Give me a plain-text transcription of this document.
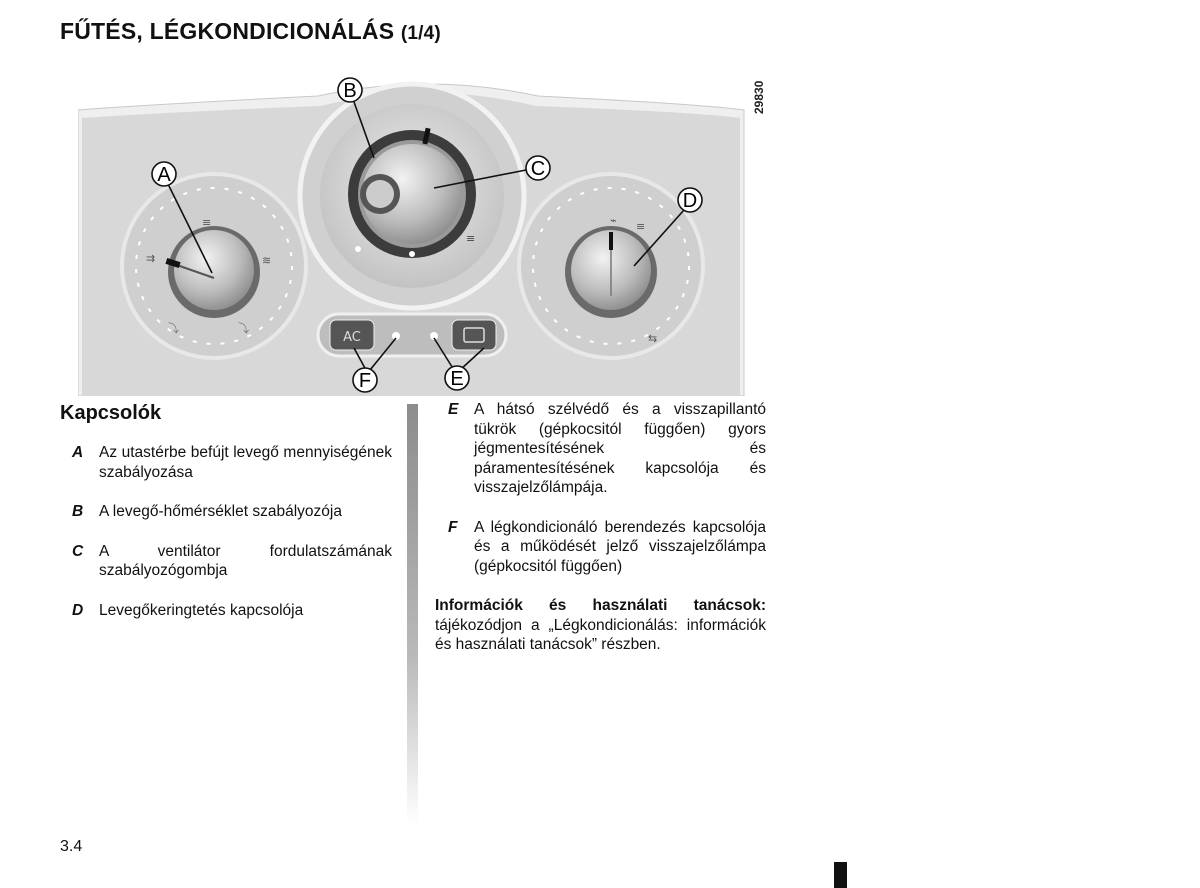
FŰTÉS, LÉGKONDICIONÁLÁS (1/4)
≡
≋
⇉
⤵	⤵
≡
⌁ ≡
⇆
AC
A
B
C
D
E
F
29830
Kapcsolók
A Az utastérbe befújt levegő mennyiségének szabályozása
B A levegő-hőmérséklet szabályozója
C A ventilátor fordulatszámának szabályozógombja
D Levegőkeringtetés kapcsolója
E A hátsó szélvédő és a visszapillantó tükrök (gépkocsitól függően) gyors jégmentesítésének és páramentesítésének kapcsolója és visszajelzőlámpája.
F A légkondicionáló berendezés kapcsolója és a működését jelző visszajelzőlámpa (gépkocsitól függően)
Információk és használati tanácsok: tájékozódjon a „Légkondicionálás: információk és használati tanácsok” részben.
3.4
